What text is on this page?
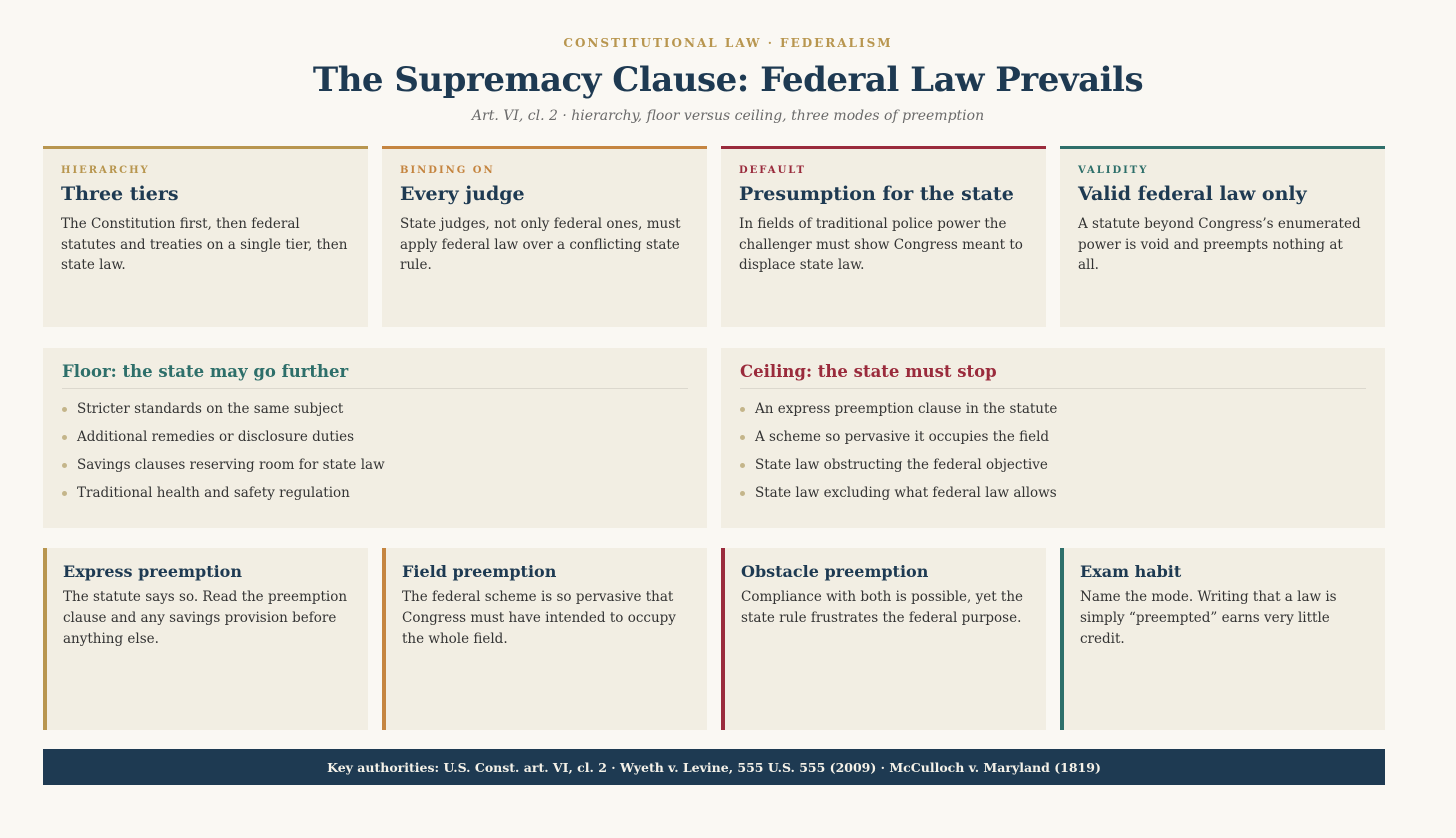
CONSTITUTIONAL LAW · FEDERALISM
The Supremacy Clause: Federal Law Prevails
Art. VI, cl. 2 · hierarchy, floor versus ceiling, three modes of preemption
HIERARCHY
Three tiers
The Constitution first, then federal statutes and treaties on a single tier, then state law.
BINDING ON
Every judge
State judges, not only federal ones, must apply federal law over a conflicting state rule.
DEFAULT
Presumption for the state
In fields of traditional police power the challenger must show Congress meant to displace state law.
VALIDITY
Valid federal law only
A statute beyond Congress’s enumerated power is void and preempts nothing at all.
Floor: the state may go further
Stricter standards on the same subject
Additional remedies or disclosure duties
Savings clauses reserving room for state law
Traditional health and safety regulation
Ceiling: the state must stop
An express preemption clause in the statute
A scheme so pervasive it occupies the field
State law obstructing the federal objective
State law excluding what federal law allows
Express preemption
The statute says so. Read the preemption clause and any savings provision before anything else.
Field preemption
The federal scheme is so pervasive that Congress must have intended to occupy the whole field.
Obstacle preemption
Compliance with both is possible, yet the state rule frustrates the federal purpose.
Exam habit
Name the mode. Writing that a law is simply “preempted” earns very little credit.
Key authorities: U.S. Const. art. VI, cl. 2 · Wyeth v. Levine, 555 U.S. 555 (2009) · McCulloch v. Maryland (1819)
